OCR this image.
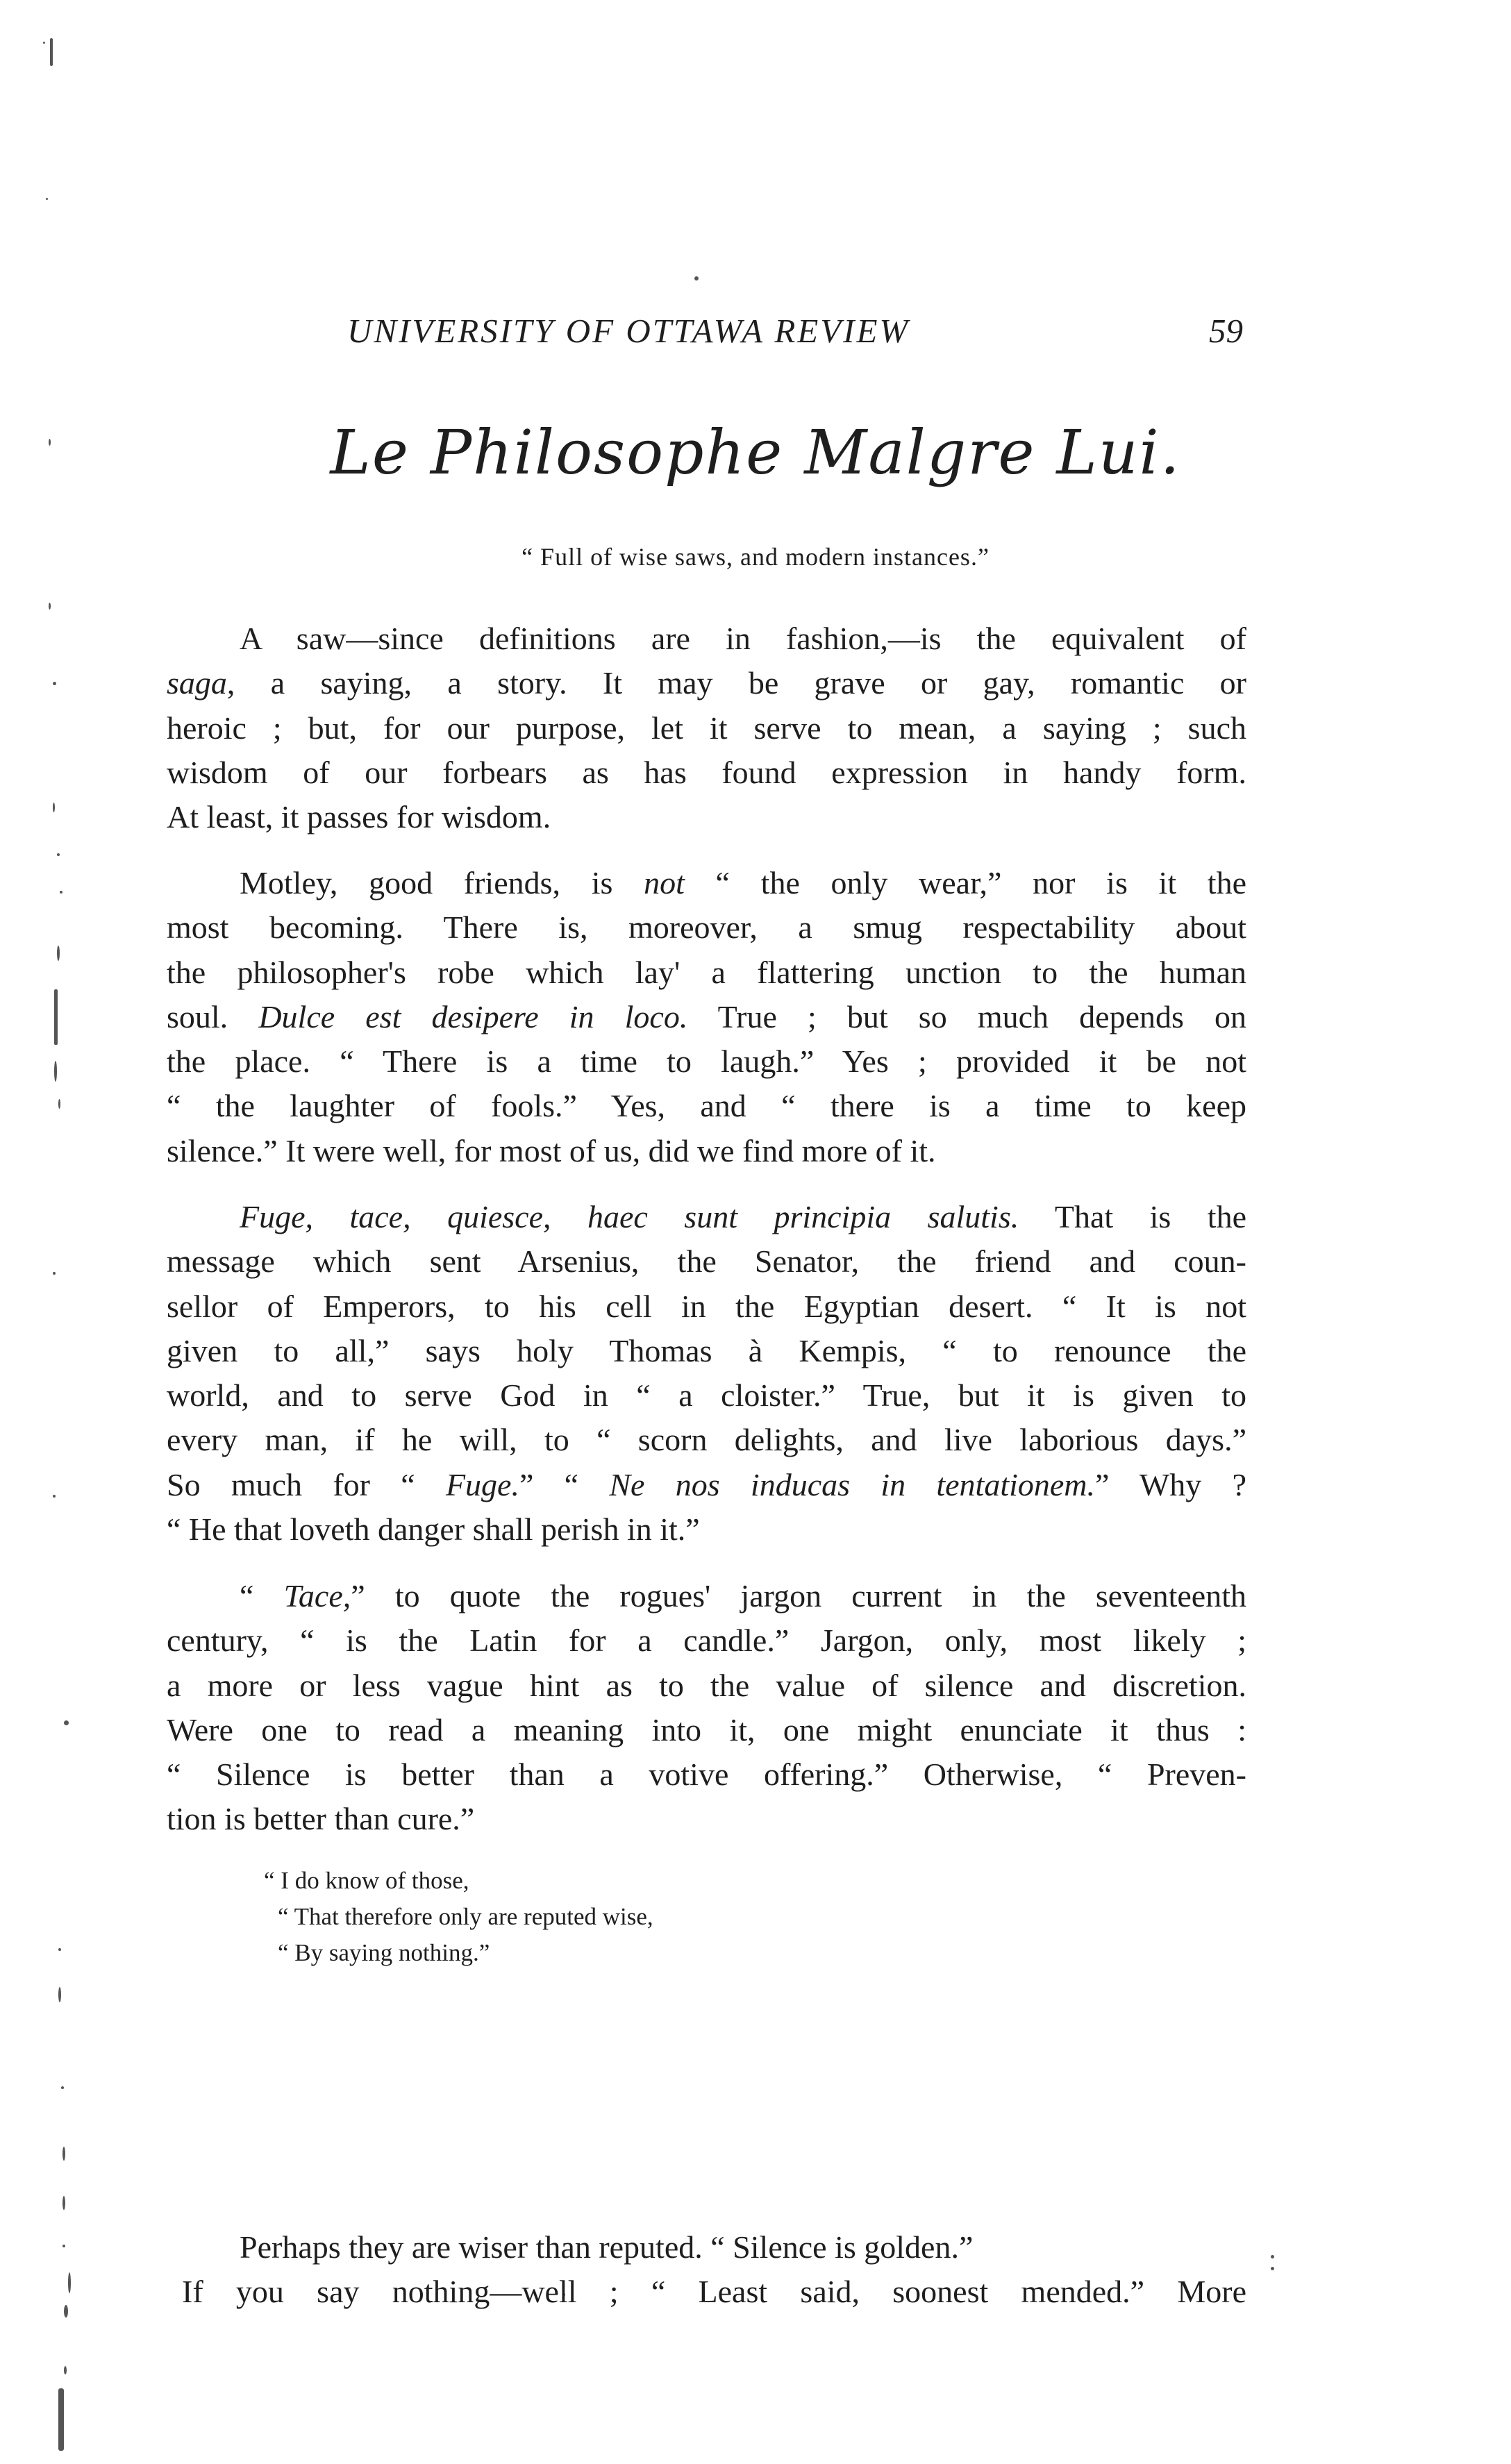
UNIVERSITY OF OTTAWA REVIEW	59
Le Philosophe Malgre Lui.
“ Full of wise saws, and modern instances.”
A saw—since definitions are in fashion,—is the equivalent of
saga, a saying, a story. It may be grave or gay, romantic or
heroic ; but, for our purpose, let it serve to mean, a saying ; such
wisdom of our forbears as has found expression in handy form.
At least, it passes for wisdom.
Motley, good friends, is not “ the only wear,” nor is it the
most becoming. There is, moreover, a smug respectability about
the philosopher's robe which lay' a flattering unction to the human
soul. Dulce est desipere in loco. True ; but so much depends on
the place. “ There is a time to laugh.” Yes ; provided it be not
“ the laughter of fools.” Yes, and “ there is a time to keep
silence.” It were well, for most of us, did we find more of it.
Fuge, tace, quiesce, haec sunt principia salutis. That is the
message which sent Arsenius, the Senator, the friend and coun-
sellor of Emperors, to his cell in the Egyptian desert. “ It is not
given to all,” says holy Thomas à Kempis, “ to renounce the
world, and to serve God in “ a cloister.” True, but it is given to
every man, if he will, to “ scorn delights, and live laborious days.”
So much for “ Fuge.” “ Ne nos inducas in tentationem.” Why ?
“ He that loveth danger shall perish in it.”
“ Tace,” to quote the rogues' jargon current in the seventeenth
century, “ is the Latin for a candle.” Jargon, only, most likely ;
a more or less vague hint as to the value of silence and discretion.
Were one to read a meaning into it, one might enunciate it thus :
“ Silence is better than a votive offering.” Otherwise, “ Preven-
tion is better than cure.”
“ I do know of those,
“ That therefore only are reputed wise,
“ By saying nothing.”
Perhaps they are wiser than reputed. “ Silence is golden.”
If you say nothing—well ; “ Least said, soonest mended.” More
